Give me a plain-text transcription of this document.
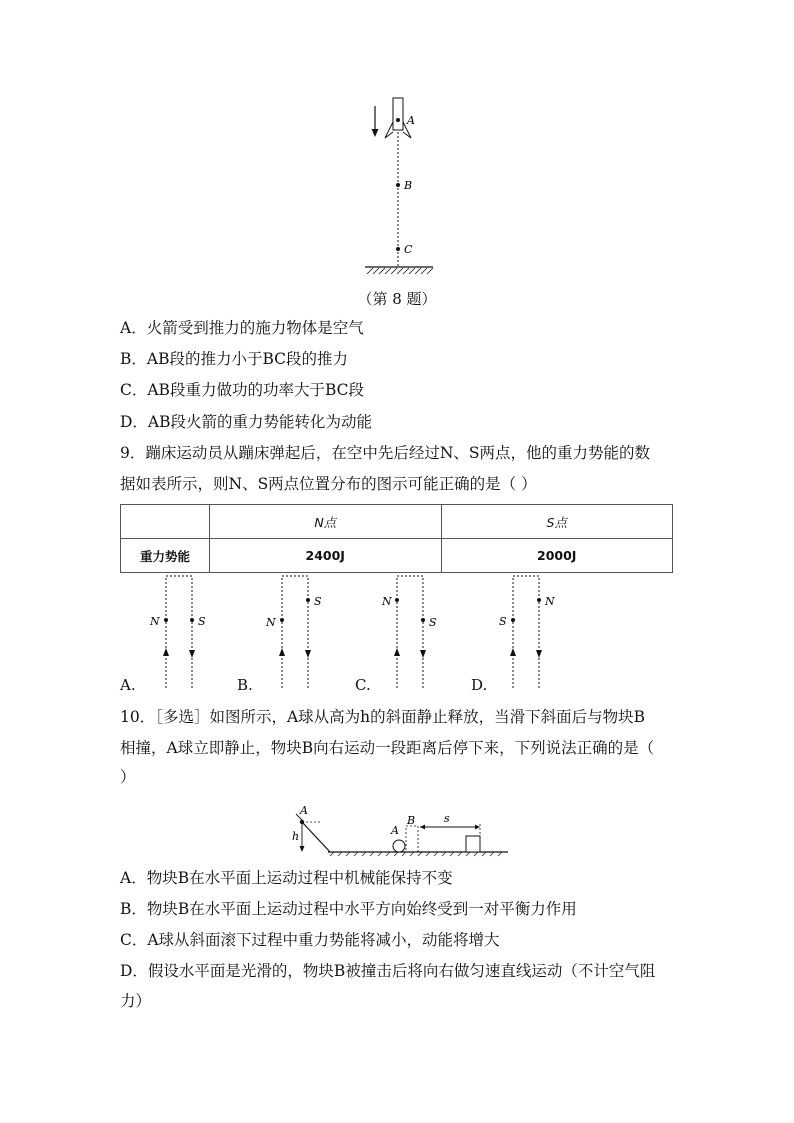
A
B
C
（第 8 题）
A．火箭受到推力的施力物体是空气
B．AB段的推力小于BC段的推力
C．AB段重力做功的功率大于BC段
D．AB段火箭的重力势能转化为动能
9．蹦床运动员从蹦床弹起后，在空中先后经过N、S两点，他的重力势能的数
据如表所示，则N、S两点位置分布的图示可能正确的是（ ）
	N点	S点
重力势能	2400J	2000J
N	S	N
S	N
S	S
N
A.	B.	C.	D.
10．［多选］如图所示，A球从高为h的斜面静止释放，当滑下斜面后与物块B
相撞，A球立即静止，物块B向右运动一段距离后停下来，下列说法正确的是（
）
h
A
A
B	s
A．物块B在水平面上运动过程中机械能保持不变
B．物块B在水平面上运动过程中水平方向始终受到一对平衡力作用
C．A球从斜面滚下过程中重力势能将减小，动能将增大
D．假设水平面是光滑的，物块B被撞击后将向右做匀速直线运动（不计空气阻
力）
